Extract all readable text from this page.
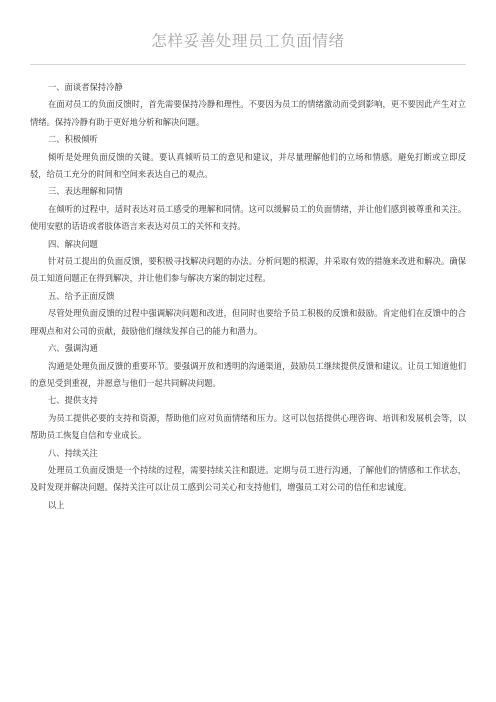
怎样妥善处理员工负面情绪

一、面谈者保持冷静

在面对员工的负面反馈时，首先需要保持冷静和理性。不要因为员工的情绪激动而受到影响，更不要因此产生对立情绪。保持冷静有助于更好地分析和解决问题。

二、积极倾听

倾听是处理负面反馈的关键。要认真倾听员工的意见和建议，并尽量理解他们的立场和情感。避免打断或立即反驳，给员工充分的时间和空间来表达自己的观点。

三、表达理解和同情

在倾听的过程中，适时表达对员工感受的理解和同情。这可以缓解员工的负面情绪，并让他们感到被尊重和关注。使用安慰的话语或者肢体语言来表达对员工的关怀和支持。

四、解决问题

针对员工提出的负面反馈，要积极寻找解决问题的办法。分析问题的根源，并采取有效的措施来改进和解决。确保员工知道问题正在得到解决，并让他们参与解决方案的制定过程。

五、给予正面反馈

尽管处理负面反馈的过程中强调解决问题和改进，但同时也要给予员工积极的反馈和鼓励。肯定他们在反馈中的合理观点和对公司的贡献，鼓励他们继续发挥自己的能力和潜力。

六、强调沟通

沟通是处理负面反馈的重要环节。要强调开放和透明的沟通渠道，鼓励员工继续提供反馈和建议。让员工知道他们的意见受到重视，并愿意与他们一起共同解决问题。

七、提供支持

为员工提供必要的支持和资源，帮助他们应对负面情绪和压力。这可以包括提供心理咨询、培训和发展机会等，以帮助员工恢复自信和专业成长。

八、持续关注

处理员工负面反馈是一个持续的过程，需要持续关注和跟进。定期与员工进行沟通，了解他们的情感和工作状态，及时发现并解决问题。保持关注可以让员工感到公司关心和支持他们，增强员工对公司的信任和忠诚度。

以上
